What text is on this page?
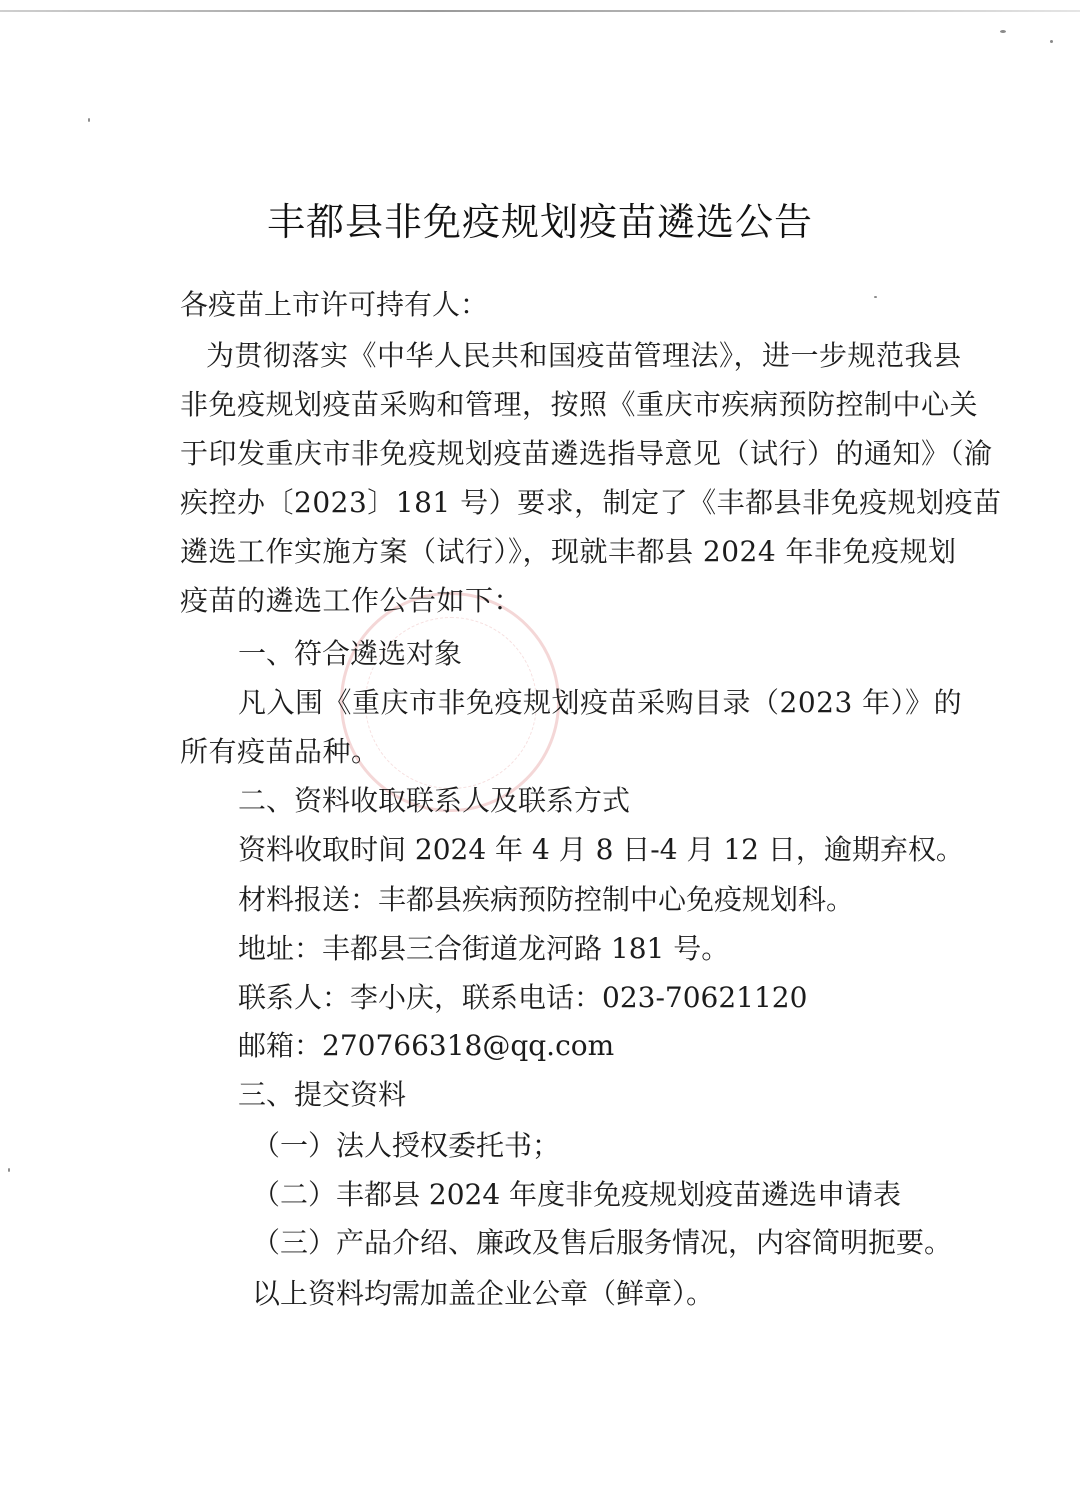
丰都县非免疫规划疫苗遴选公告
各疫苗上市许可持有人：
为贯彻落实《中华人民共和国疫苗管理法》，进一步规范我县
非免疫规划疫苗采购和管理，按照《重庆市疾病预防控制中心关
于印发重庆市非免疫规划疫苗遴选指导意见（试行）的通知》（渝
疾控办〔2023〕181 号）要求，制定了《丰都县非免疫规划疫苗
遴选工作实施方案（试行）》，现就丰都县 2024 年非免疫规划
疫苗的遴选工作公告如下：
一、符合遴选对象
凡入围《重庆市非免疫规划疫苗采购目录（2023 年）》的
所有疫苗品种。
二、资料收取联系人及联系方式
资料收取时间 2024 年 4 月 8 日-4 月 12 日，逾期弃权。
材料报送：丰都县疾病预防控制中心免疫规划科。
地址：丰都县三合街道龙河路 181 号。
联系人：李小庆，联系电话：023-70621120
邮箱：270766318@qq.com
三、提交资料
（一）法人授权委托书；
（二）丰都县 2024 年度非免疫规划疫苗遴选申请表
（三）产品介绍、廉政及售后服务情况，内容简明扼要。
以上资料均需加盖企业公章（鲜章）。
